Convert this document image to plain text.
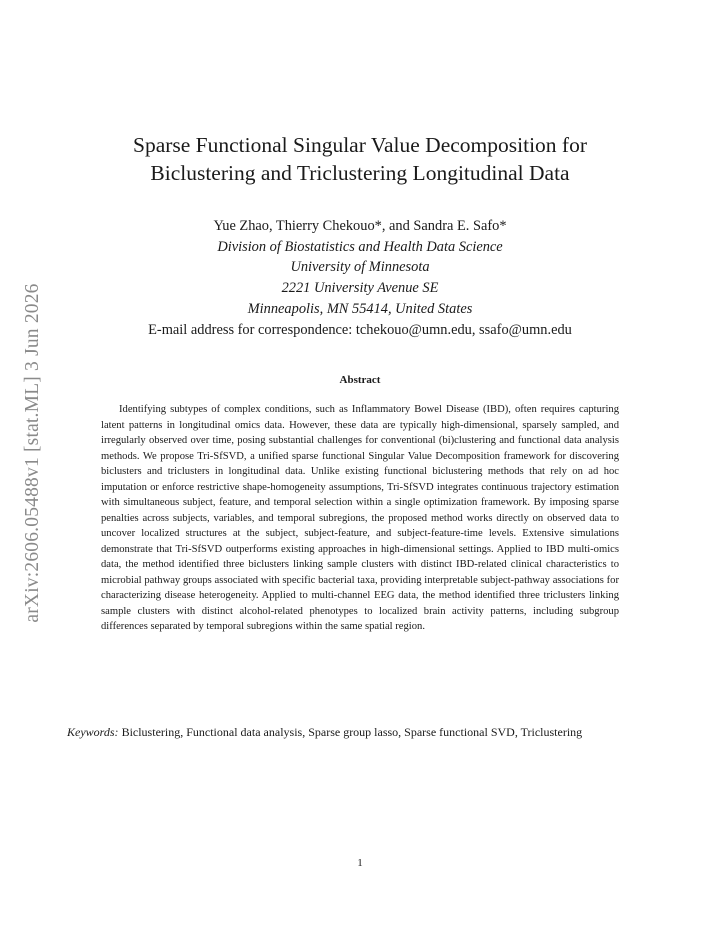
arXiv:2606.05488v1 [stat.ML] 3 Jun 2026
Sparse Functional Singular Value Decomposition for
Biclustering and Triclustering Longitudinal Data
Yue Zhao, Thierry Chekouo*, and Sandra E. Safo*
Division of Biostatistics and Health Data Science
University of Minnesota
2221 University Avenue SE
Minneapolis, MN 55414, United States
E-mail address for correspondence: tchekouo@umn.edu, ssafo@umn.edu
Abstract
Identifying subtypes of complex conditions, such as Inflammatory Bowel Disease (IBD), often requires capturing latent patterns in longitudinal omics data. However, these data are typically high-dimensional, sparsely sampled, and irregularly observed over time, posing substantial challenges for conventional (bi)clustering and functional data analysis methods. We propose Tri-SfSVD, a unified sparse functional Singular Value Decomposition framework for discovering biclusters and triclusters in longitudinal data. Unlike existing functional biclustering methods that rely on ad hoc imputation or enforce restrictive shape-homogeneity assumptions, Tri-SfSVD integrates continuous trajectory estimation with simultaneous subject, feature, and temporal selection within a single optimization framework. By imposing sparse penalties across subjects, variables, and temporal subregions, the proposed method works directly on observed data to uncover localized structures at the subject, subject-feature, and subject-feature-time levels. Extensive simulations demonstrate that Tri-SfSVD outperforms existing approaches in high-dimensional settings. Applied to IBD multi-omics data, the method identified three biclusters linking sample clusters with distinct IBD-related clinical characteristics to microbial pathway groups associated with specific bacterial taxa, providing interpretable subject-pathway associations for characterizing disease heterogeneity. Applied to multi-channel EEG data, the method identified three triclusters linking sample clusters with distinct alcohol-related phenotypes to localized brain activity patterns, including subgroup differences separated by temporal subregions within the same spatial region.
Keywords: Biclustering, Functional data analysis, Sparse group lasso, Sparse functional SVD, Triclustering
1
